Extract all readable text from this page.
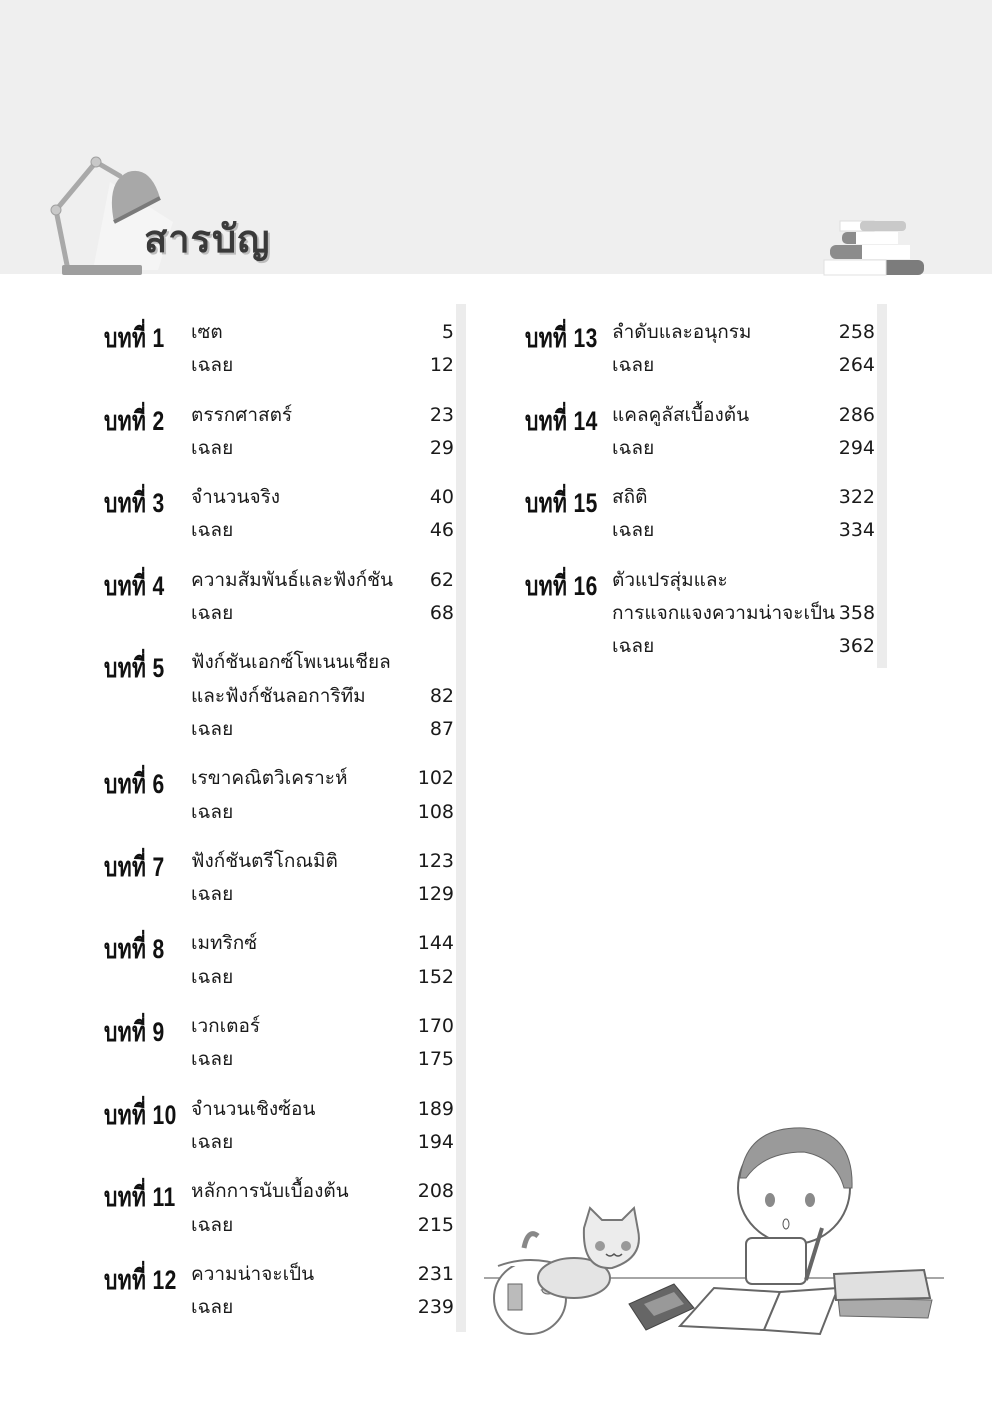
สารบัญ
บทที่ 1 เซต	5
เฉลย	12
บทที่ 2 ตรรกศาสตร์	23
เฉลย	29
บทที่ 3 จำนวนจริง	40
เฉลย	46
บทที่ 4 ความสัมพันธ์และฟังก์ชัน	62
เฉลย	68
บทที่ 5 ฟังก์ชันเอกซ์โพเนนเชียล
และฟังก์ชันลอการิทึม	82
เฉลย	87
บทที่ 6 เรขาคณิตวิเคราะห์	102
เฉลย	108
บทที่ 7 ฟังก์ชันตรีโกณมิติ	123
เฉลย	129
บทที่ 8 เมทริกซ์	144
เฉลย	152
บทที่ 9 เวกเตอร์	170
เฉลย	175
บทที่ 10 จำนวนเชิงซ้อน	189
เฉลย	194
บทที่ 11 หลักการนับเบื้องต้น	208
เฉลย	215
บทที่ 12 ความน่าจะเป็น	231
เฉลย	239
บทที่ 13 ลำดับและอนุกรม	258
เฉลย	264
บทที่ 14 แคลคูลัสเบื้องต้น	286
เฉลย	294
บทที่ 15 สถิติ	322
เฉลย	334
บทที่ 16 ตัวแปรสุ่มและ
การแจกแจงความน่าจะเป็น 358
เฉลย	362
